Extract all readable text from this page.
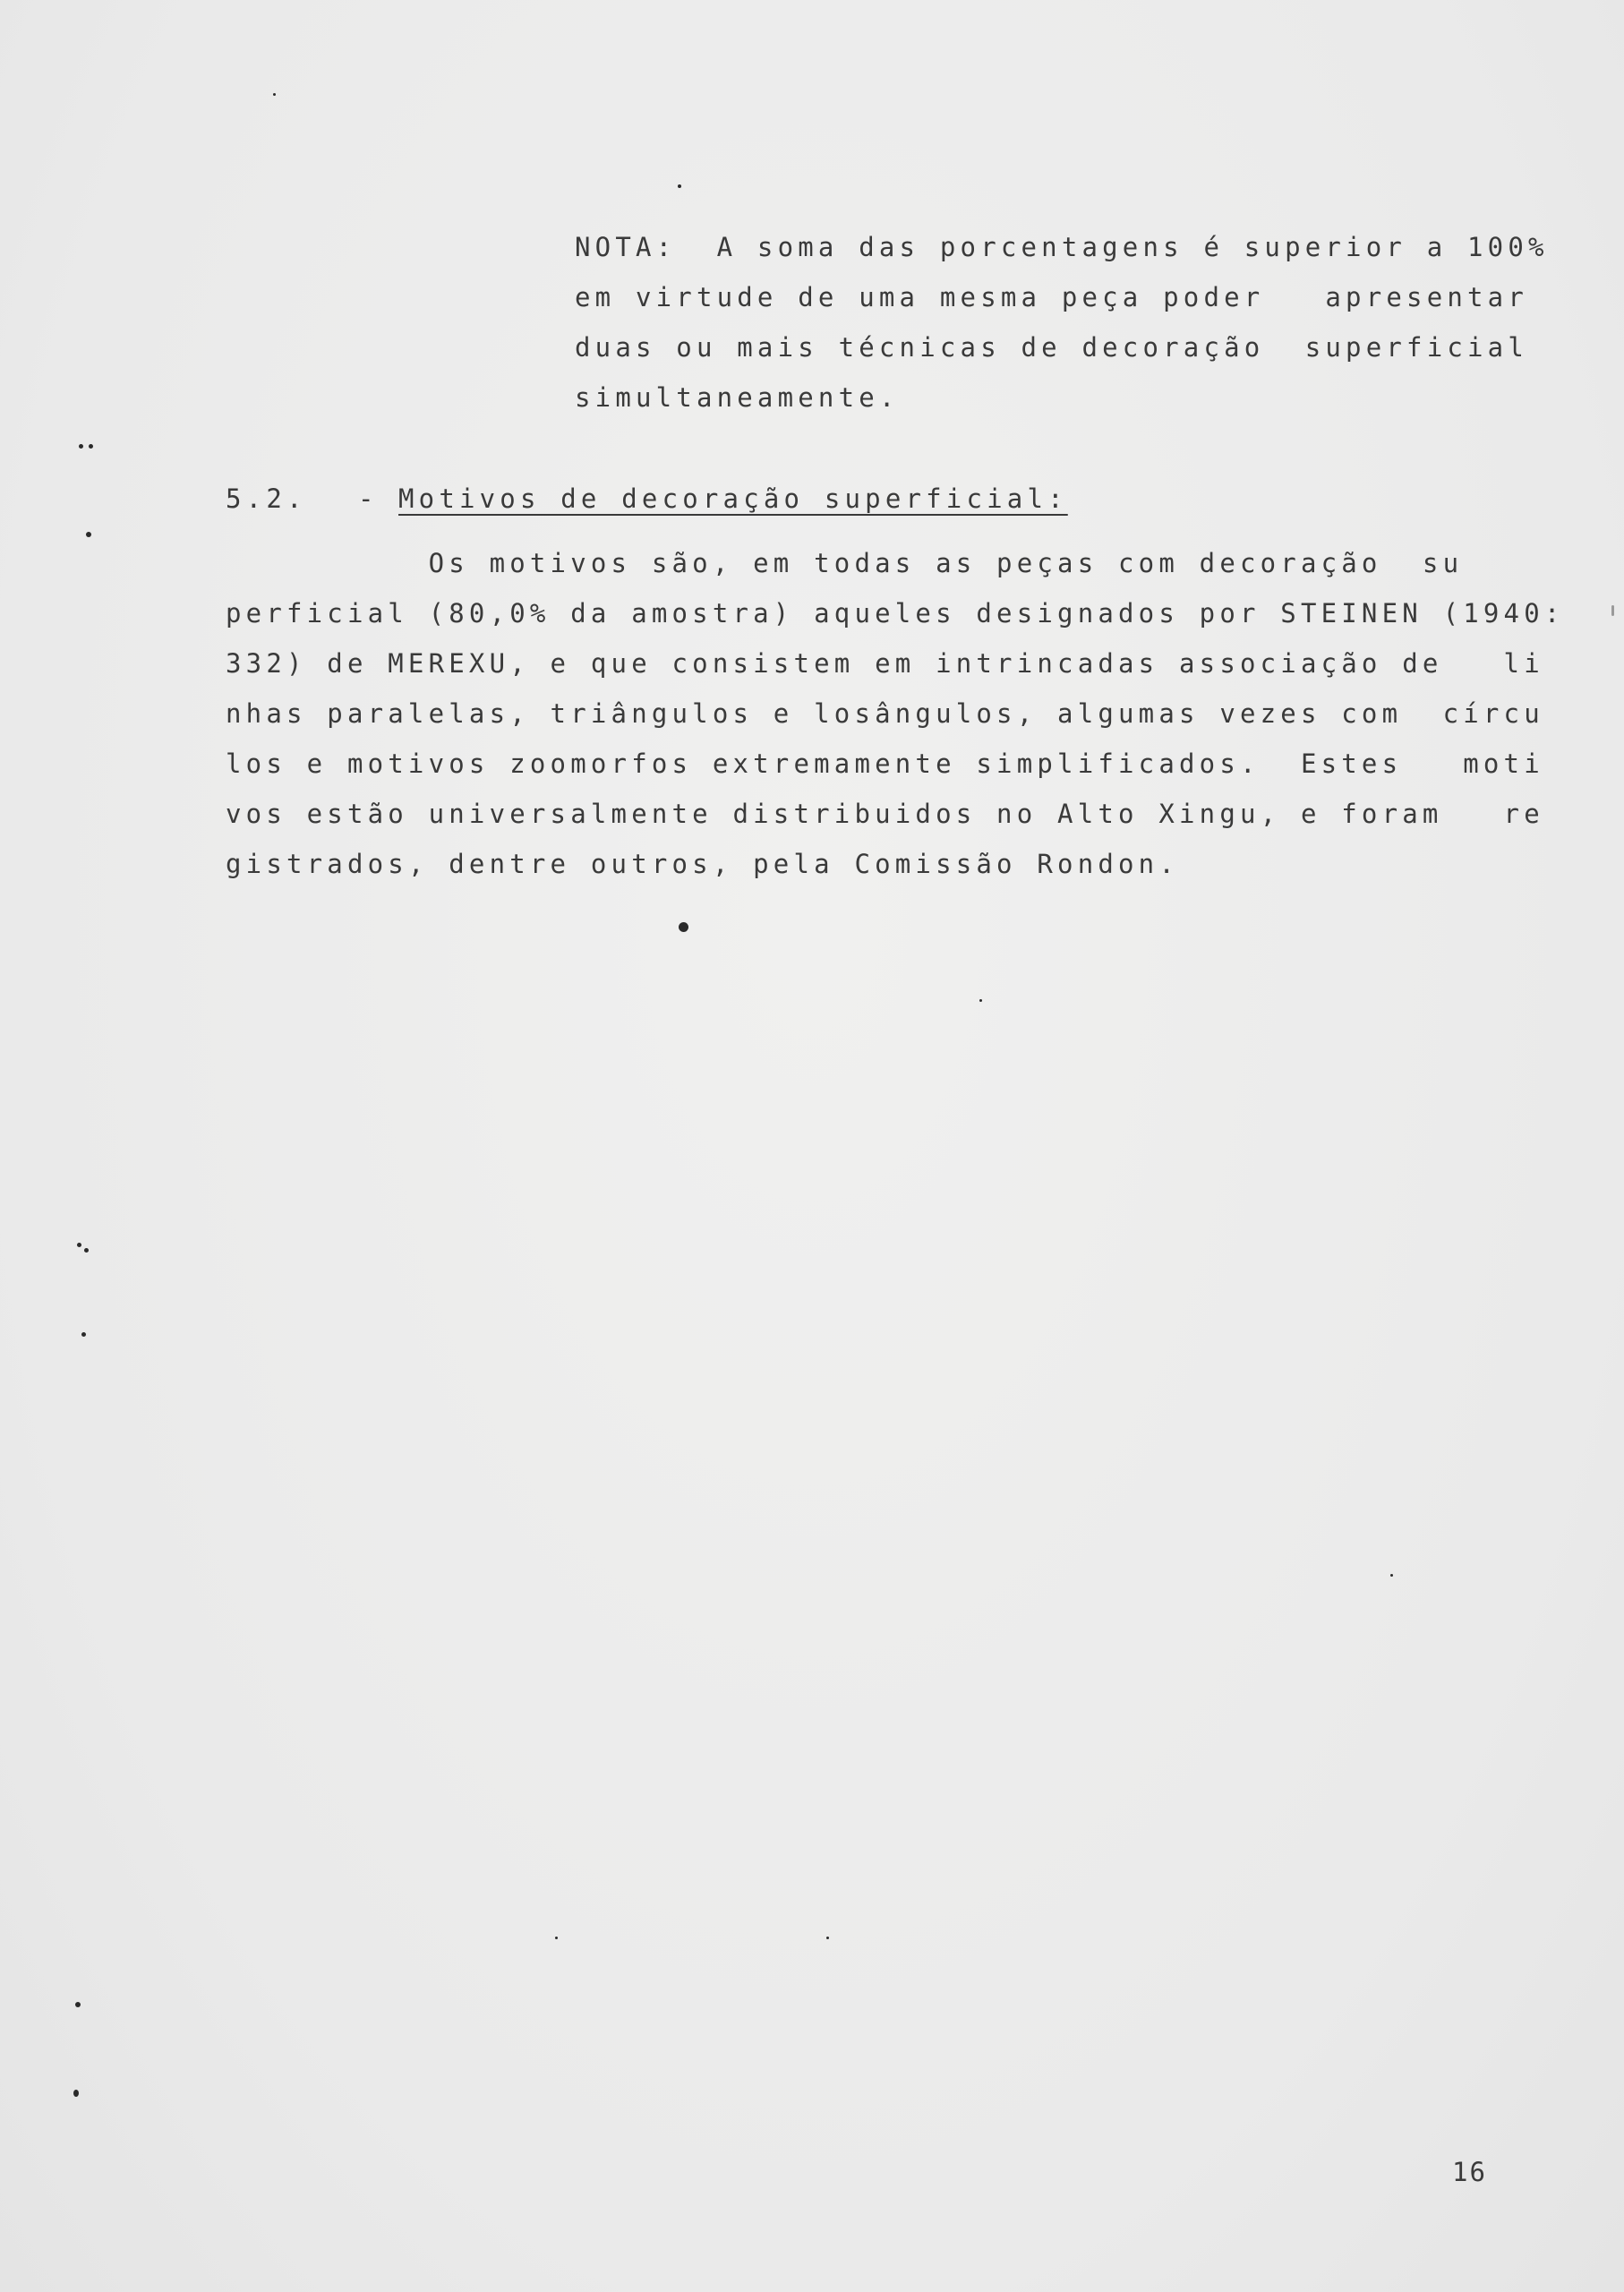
NOTA:  A soma das porcentagens é superior a 100%
em virtude de uma mesma peça poder   apresentar
duas ou mais técnicas de decoração  superficial
simultaneamente.
5.2. - Motivos de decoração superficial:
Os motivos são, em todas as peças com decoração  su
perficial (80,0% da amostra) aqueles designados por STEINEN (1940:
332) de MEREXU, e que consistem em intrincadas associação de   li
nhas paralelas, triângulos e losângulos, algumas vezes com  círcu
los e motivos zoomorfos extremamente simplificados.  Estes   moti
vos estão universalmente distribuidos no Alto Xingu, e foram   re
gistrados, dentre outros, pela Comissão Rondon.
16
